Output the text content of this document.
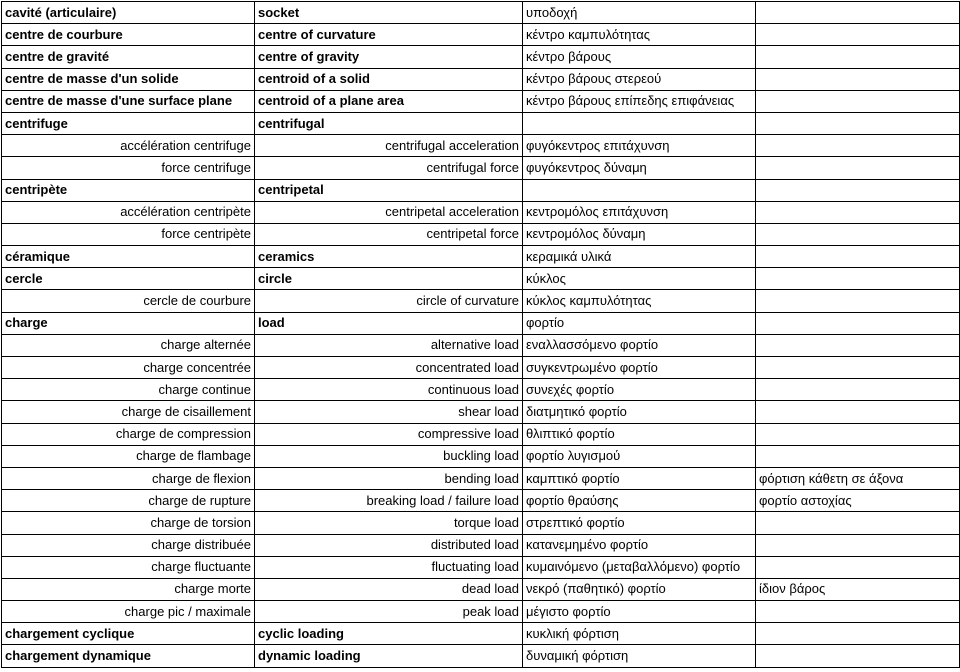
cavité (articulaire)	socket	υποδοχή	
centre de courbure	centre of curvature	κέντρο καμπυλότητας	
centre de gravité	centre of gravity	κέντρο βάρους	
centre de masse d'un solide	centroid of a solid	κέντρο βάρους στερεού	
centre de masse d'une surface plane	centroid of a plane area	κέντρο βάρους επίπεδης επιφάνειας	
centrifuge	centrifugal		
accélération centrifuge	centrifugal acceleration	φυγόκεντρος επιτάχυνση	
force centrifuge	centrifugal force	φυγόκεντρος δύναμη	
centripète	centripetal		
accélération centripète	centripetal acceleration	κεντρομόλος επιτάχυνση	
force centripète	centripetal force	κεντρομόλος δύναμη	
céramique	ceramics	κεραμικά υλικά	
cercle	circle	κύκλος	
cercle de courbure	circle of curvature	κύκλος καμπυλότητας	
charge	load	φορτίο	
charge alternée	alternative load	εναλλασσόμενο φορτίο	
charge concentrée	concentrated load	συγκεντρωμένο φορτίο	
charge continue	continuous load	συνεχές φορτίο	
charge de cisaillement	shear load	διατμητικό φορτίο	
charge de compression	compressive load	θλιπτικό φορτίο	
charge de flambage	buckling load	φορτίο λυγισμού	
charge de flexion	bending load	καμπτικό φορτίο	φόρτιση κάθετη σε άξονα
charge de rupture	breaking load / failure load	φορτίο θραύσης	φορτίο αστοχίας
charge de torsion	torque load	στρεπτικό φορτίο	
charge distribuée	distributed load	κατανεμημένο φορτίο	
charge fluctuante	fluctuating load	κυμαινόμενο (μεταβαλλόμενο) φορτίο	
charge morte	dead load	νεκρό (παθητικό) φορτίο	ίδιον βάρος
charge pic / maximale	peak load	μέγιστο φορτίο	
chargement cyclique	cyclic loading	κυκλική φόρτιση	
chargement dynamique	dynamic loading	δυναμική φόρτιση	
